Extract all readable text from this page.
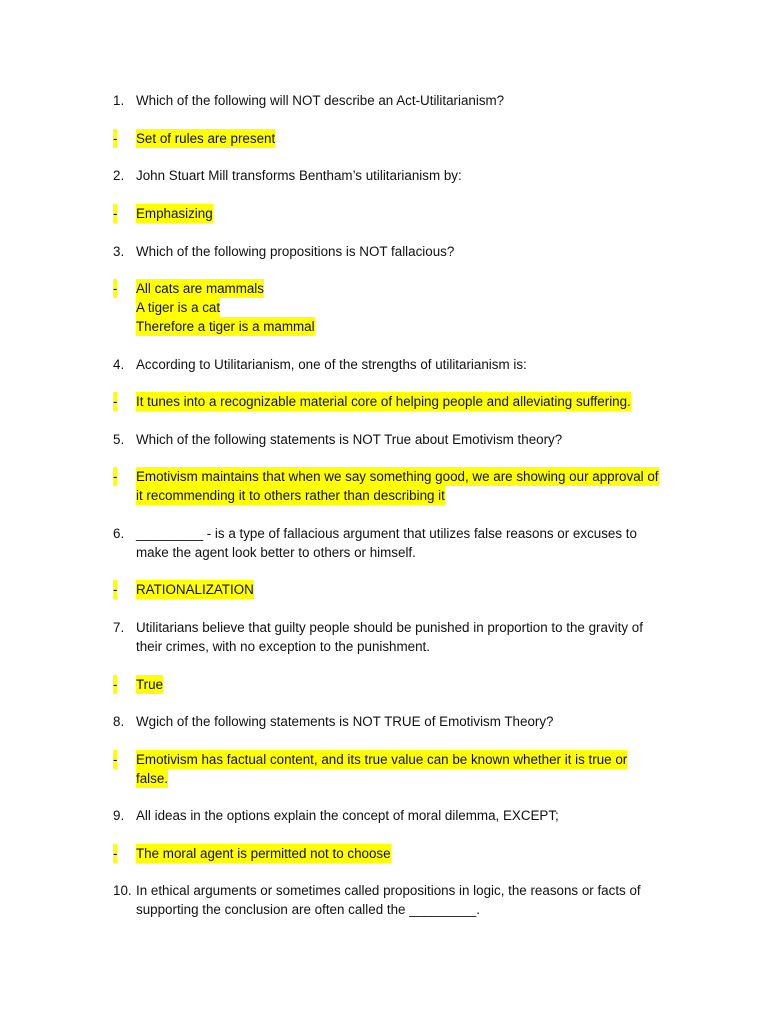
1. Which of the following will NOT describe an Act-Utilitarianism?
- Set of rules are present
2. John Stuart Mill transforms Bentham’s utilitarianism by:
- Emphasizing
3. Which of the following propositions is NOT fallacious?
- All cats are mammals
A tiger is a cat
Therefore a tiger is a mammal
4. According to Utilitarianism, one of the strengths of utilitarianism is:
- It tunes into a recognizable material core of helping people and alleviating suffering.
5. Which of the following statements is NOT True about Emotivism theory?
- Emotivism maintains that when we say something good, we are showing our approval of
it recommending it to others rather than describing it
6. _________ - is a type of fallacious argument that utilizes false reasons or excuses to
make the agent look better to others or himself.
- RATIONALIZATION
7. Utilitarians believe that guilty people should be punished in proportion to the gravity of
their crimes, with no exception to the punishment.
- True
8. Wgich of the following statements is NOT TRUE of Emotivism Theory?
- Emotivism has factual content, and its true value can be known whether it is true or
false.
9. All ideas in the options explain the concept of moral dilemma, EXCEPT;
- The moral agent is permitted not to choose
10. In ethical arguments or sometimes called propositions in logic, the reasons or facts of
supporting the conclusion are often called the _________.
